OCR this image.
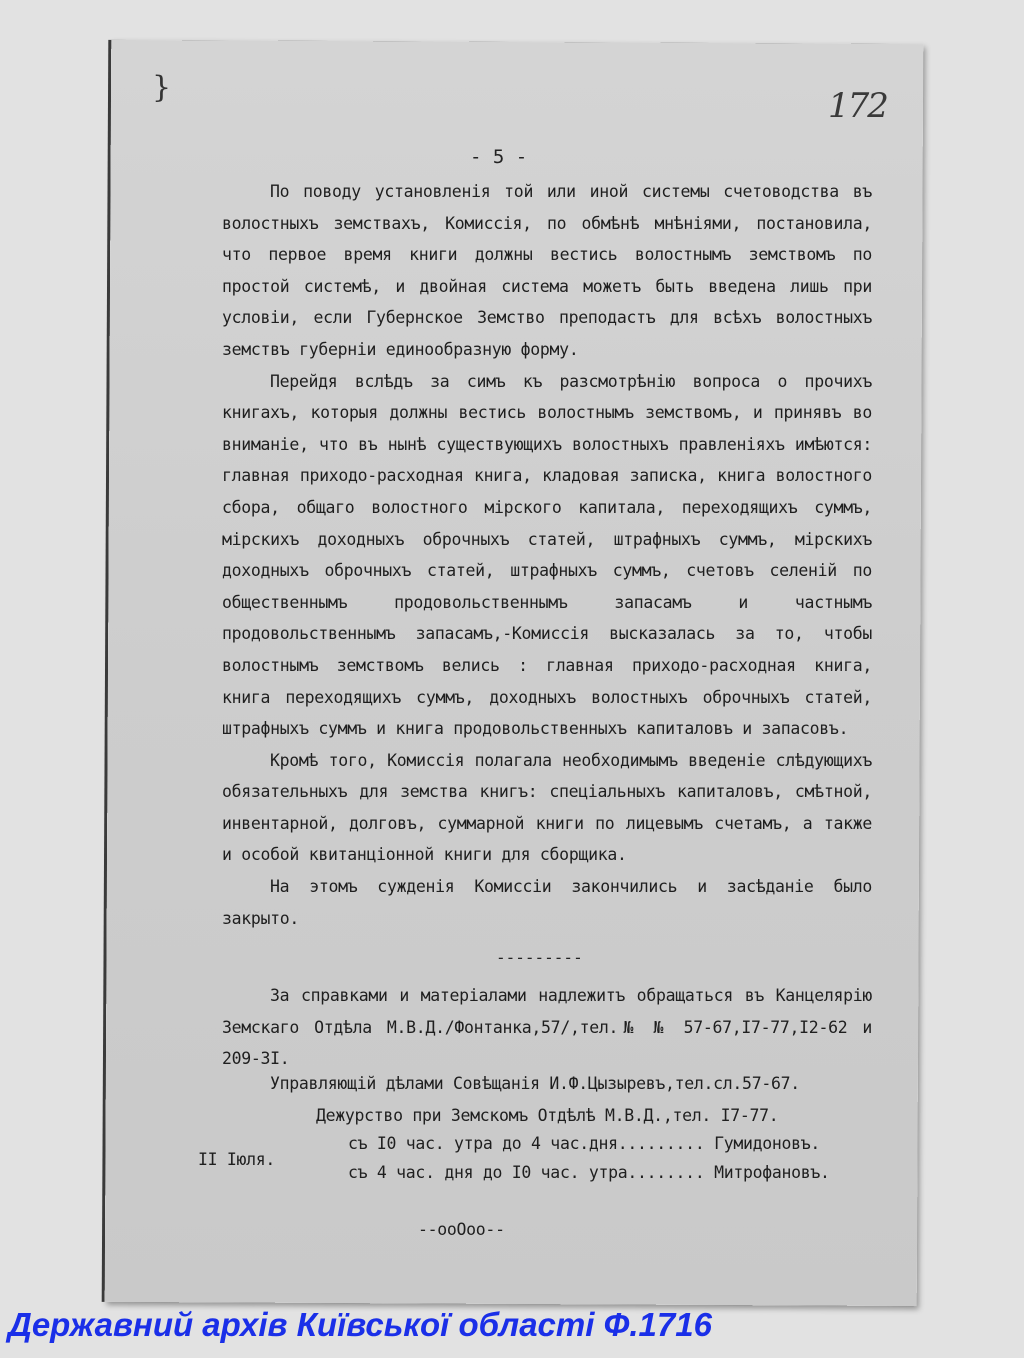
}	172
- 5 -

По поводу установленія той или иной системы счетоводства въ волостныхъ земствахъ, Комиссія, по обмѣнѣ мнѣніями, постановила, что первое время книги должны вестись волостнымъ земствомъ по простой системѣ, и двойная система можетъ быть введена лишь при условіи, если Губернское Земство преподастъ для всѣхъ волостныхъ земствъ губерніи единообразную форму.

Перейдя вслѣдъ за симъ къ разсмотрѣнію вопроса о прочихъ книгахъ, которыя должны вестись волостнымъ земствомъ, и принявъ во вниманіе, что въ нынѣ существующихъ волостныхъ правленіяхъ имѣются: главная приходо-расходная книга, кладовая записка, книга волостного сбора, общаго волостного мірского капитала, переходящихъ суммъ, мірскихъ доходныхъ оброчныхъ статей, штрафныхъ суммъ, мірскихъ доходныхъ оброчныхъ статей, штрафныхъ суммъ, счетовъ селеній по общественнымъ продовольственнымъ запасамъ и частнымъ продовольственнымъ запасамъ,-Комиссія высказалась за то, чтобы волостнымъ земствомъ велись : главная приходо-расходная книга, книга переходящихъ суммъ, доходныхъ волостныхъ оброчныхъ статей, штрафныхъ суммъ и книга продовольственныхъ капиталовъ и запасовъ.

Кромѣ того, Комиссія полагала необходимымъ введеніе слѣдующихъ обязательныхъ для земства книгъ: спеціальныхъ капиталовъ, смѣтной, инвентарной, долговъ, суммарной книги по лицевымъ счетамъ, а также и особой квитанціонной книги для сборщика.

На этомъ сужденія Комиссіи закончились и засѣданіе было закрыто.

---------

За справками и матеріалами надлежитъ обращаться въ Канцелярію Земскаго Отдѣла М.В.Д./Фонтанка,57/,тел.№ № 57-67,I7-77,I2-62 и 209-3I.

Управляющій дѣлами Совѣщанія И.Ф.Цызыревъ,тел.сл.57-67.
Дежурство при Земскомъ Отдѣлѣ М.В.Д.,тел. I7-77.
II Іюля.
съ I0 час. утра до 4 час.дня......... Гумидоновъ.
съ 4 час. дня до I0 час. утра........ Митрофановъ.
--ooOoo--
Державний архів Київської області Ф.1716
